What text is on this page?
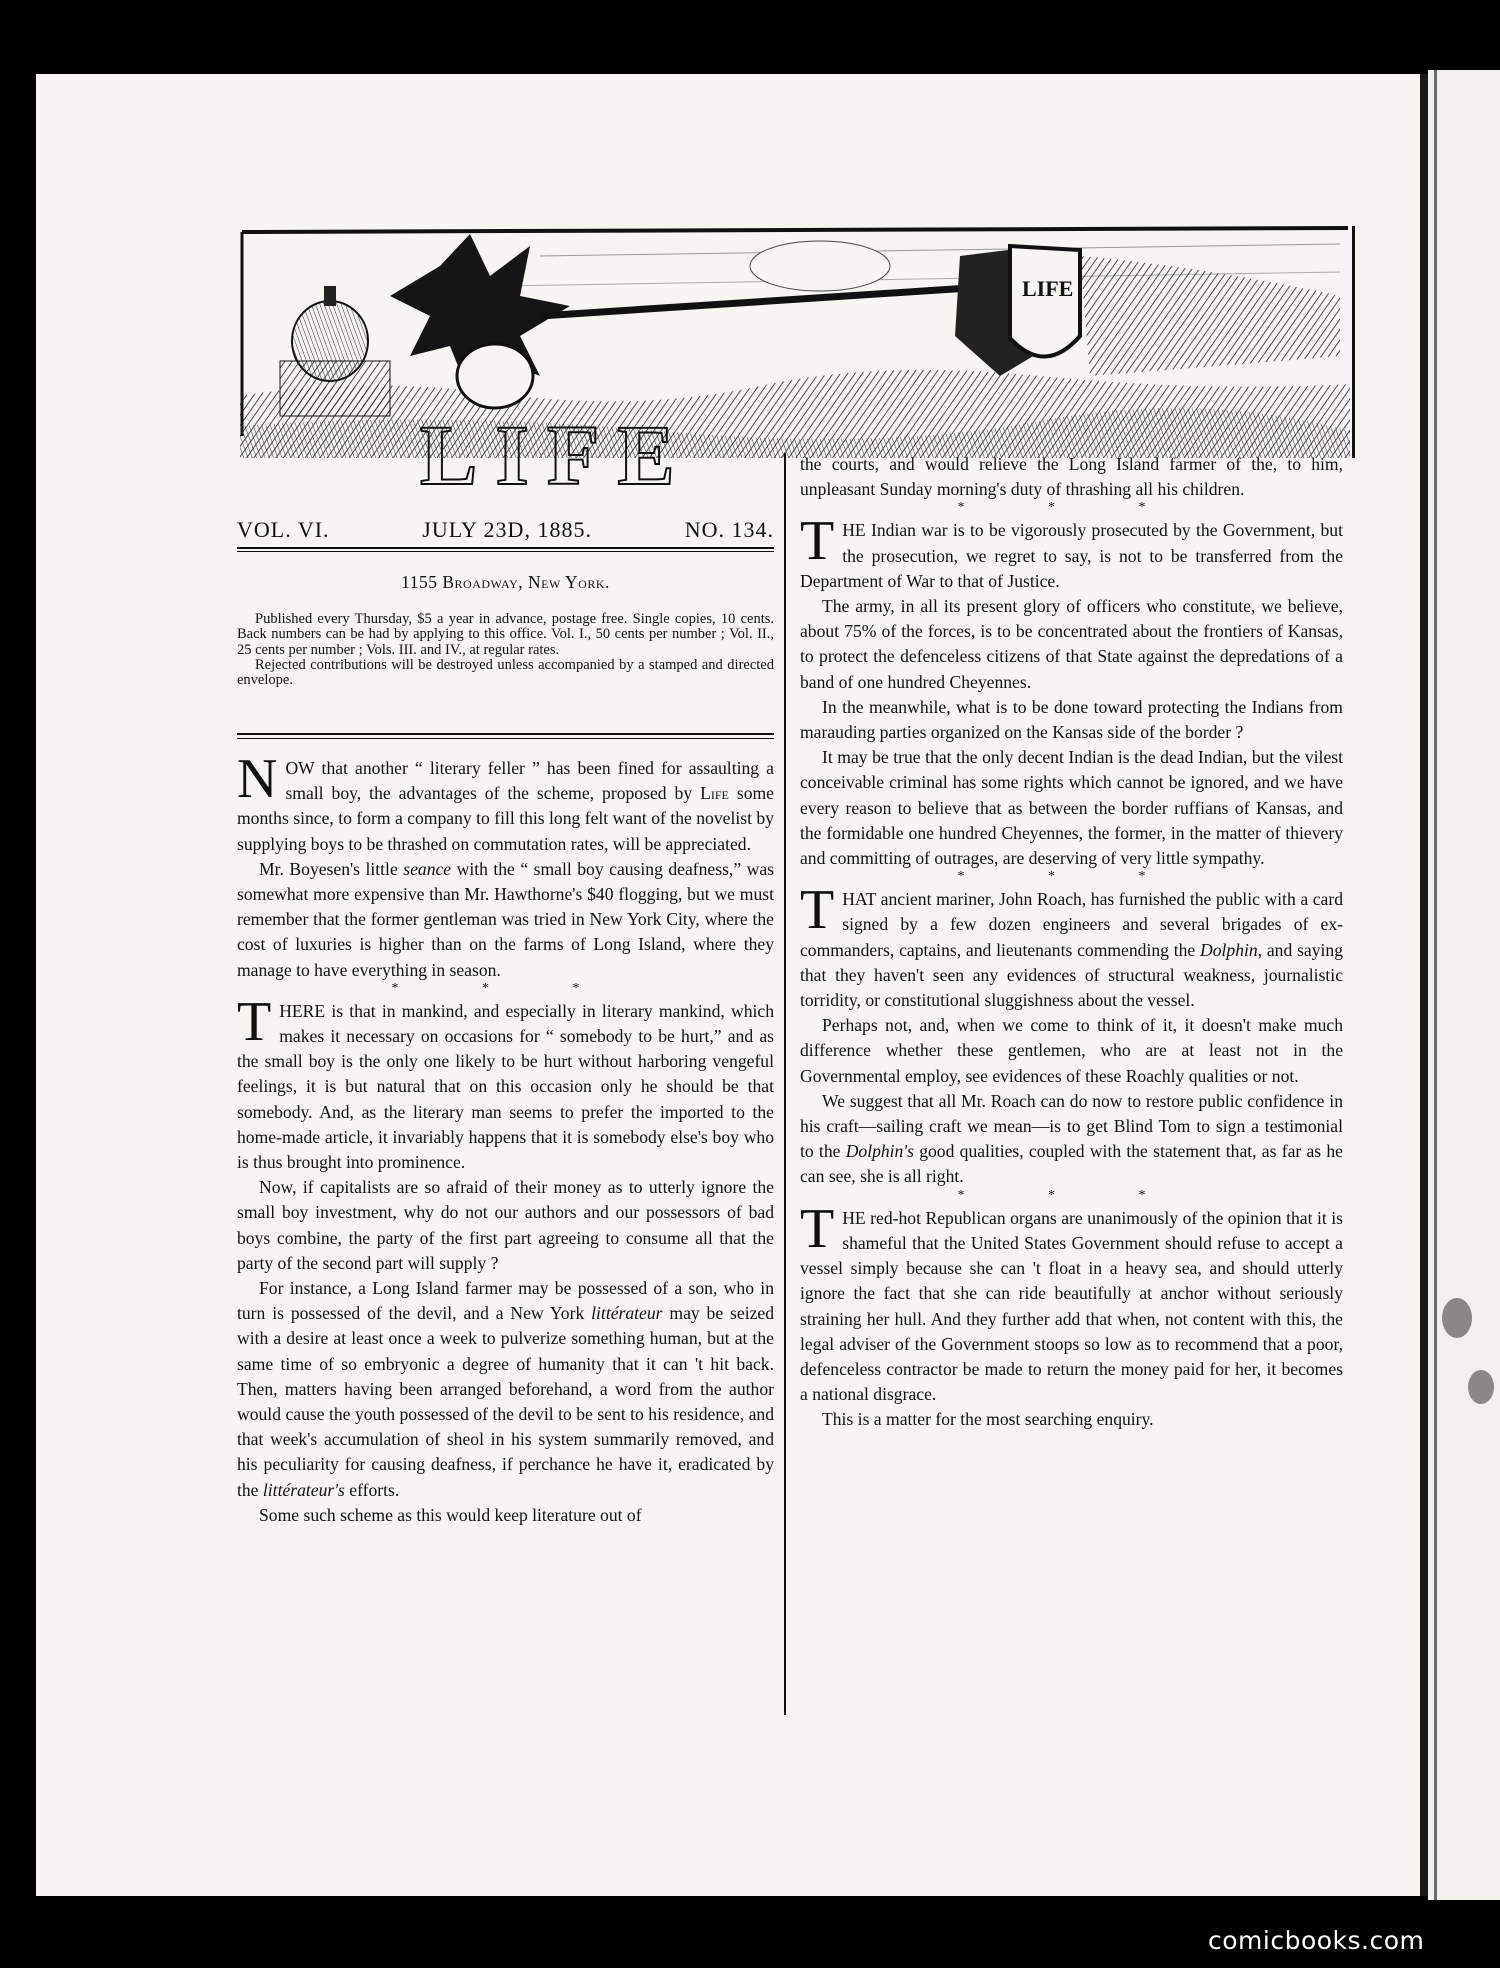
LIFE
LIFE
VOL. VI.	JULY 23D, 1885.	NO. 134.
1155 Broadway, New York.

Published every Thursday, $5 a year in advance, postage free. Single copies, 10 cents. Back numbers can be had by applying to this office. Vol. I., 50 cents per number ; Vol. II., 25 cents per number ; Vols. III. and IV., at regular rates.

Rejected contributions will be destroyed unless accompanied by a stamped and directed envelope.

NOW that another “ literary feller ” has been fined for assaulting a small boy, the advantages of the scheme, proposed by Life some months since, to form a company to fill this long felt want of the novelist by supplying boys to be thrashed on commutation rates, will be appreciated.

Mr. Boyesen's little seance with the “ small boy causing deafness,” was somewhat more expensive than Mr. Hawthorne's $40 flogging, but we must remember that the former gentleman was tried in New York City, where the cost of luxuries is higher than on the farms of Long Island, where they manage to have everything in season.

* * *

THERE is that in mankind, and especially in literary mankind, which makes it necessary on occasions for “ somebody to be hurt,” and as the small boy is the only one likely to be hurt without harboring vengeful feelings, it is but natural that on this occasion only he should be that somebody. And, as the literary man seems to prefer the imported to the home-made article, it invariably happens that it is somebody else's boy who is thus brought into prominence.

Now, if capitalists are so afraid of their money as to utterly ignore the small boy investment, why do not our authors and our possessors of bad boys combine, the party of the first part agreeing to consume all that the party of the second part will supply ?

For instance, a Long Island farmer may be possessed of a son, who in turn is possessed of the devil, and a New York littérateur may be seized with a desire at least once a week to pulverize something human, but at the same time of so embryonic a degree of humanity that it can 't hit back. Then, matters having been arranged beforehand, a word from the author would cause the youth possessed of the devil to be sent to his residence, and that week's accumulation of sheol in his system summarily removed, and his peculiarity for causing deafness, if perchance he have it, eradicated by the littérateur's efforts.

Some such scheme as this would keep literature out of

the courts, and would relieve the Long Island farmer of the, to him, unpleasant Sunday morning's duty of thrashing all his children.

* * *

THE Indian war is to be vigorously prosecuted by the Government, but the prosecution, we regret to say, is not to be transferred from the Department of War to that of Justice.

The army, in all its present glory of officers who constitute, we believe, about 75% of the forces, is to be concentrated about the frontiers of Kansas, to protect the defenceless citizens of that State against the depredations of a band of one hundred Cheyennes.

In the meanwhile, what is to be done toward protecting the Indians from marauding parties organized on the Kansas side of the border ?

It may be true that the only decent Indian is the dead Indian, but the vilest conceivable criminal has some rights which cannot be ignored, and we have every reason to believe that as between the border ruffians of Kansas, and the formidable one hundred Cheyennes, the former, in the matter of thievery and committing of outrages, are deserving of very little sympathy.

* * *

THAT ancient mariner, John Roach, has furnished the public with a card signed by a few dozen engineers and several brigades of ex-commanders, captains, and lieutenants commending the Dolphin, and saying that they haven't seen any evidences of structural weakness, journalistic torridity, or constitutional sluggishness about the vessel.

Perhaps not, and, when we come to think of it, it doesn't make much difference whether these gentlemen, who are at least not in the Governmental employ, see evidences of these Roachly qualities or not.

We suggest that all Mr. Roach can do now to restore public confidence in his craft—sailing craft we mean—is to get Blind Tom to sign a testimonial to the Dolphin's good qualities, coupled with the statement that, as far as he can see, she is all right.

* * *

THE red-hot Republican organs are unanimously of the opinion that it is shameful that the United States Government should refuse to accept a vessel simply because she can 't float in a heavy sea, and should utterly ignore the fact that she can ride beautifully at anchor without seriously straining her hull. And they further add that when, not content with this, the legal adviser of the Government stoops so low as to recommend that a poor, defenceless contractor be made to return the money paid for her, it becomes a national disgrace.

This is a matter for the most searching enquiry.

comicbooks.com
